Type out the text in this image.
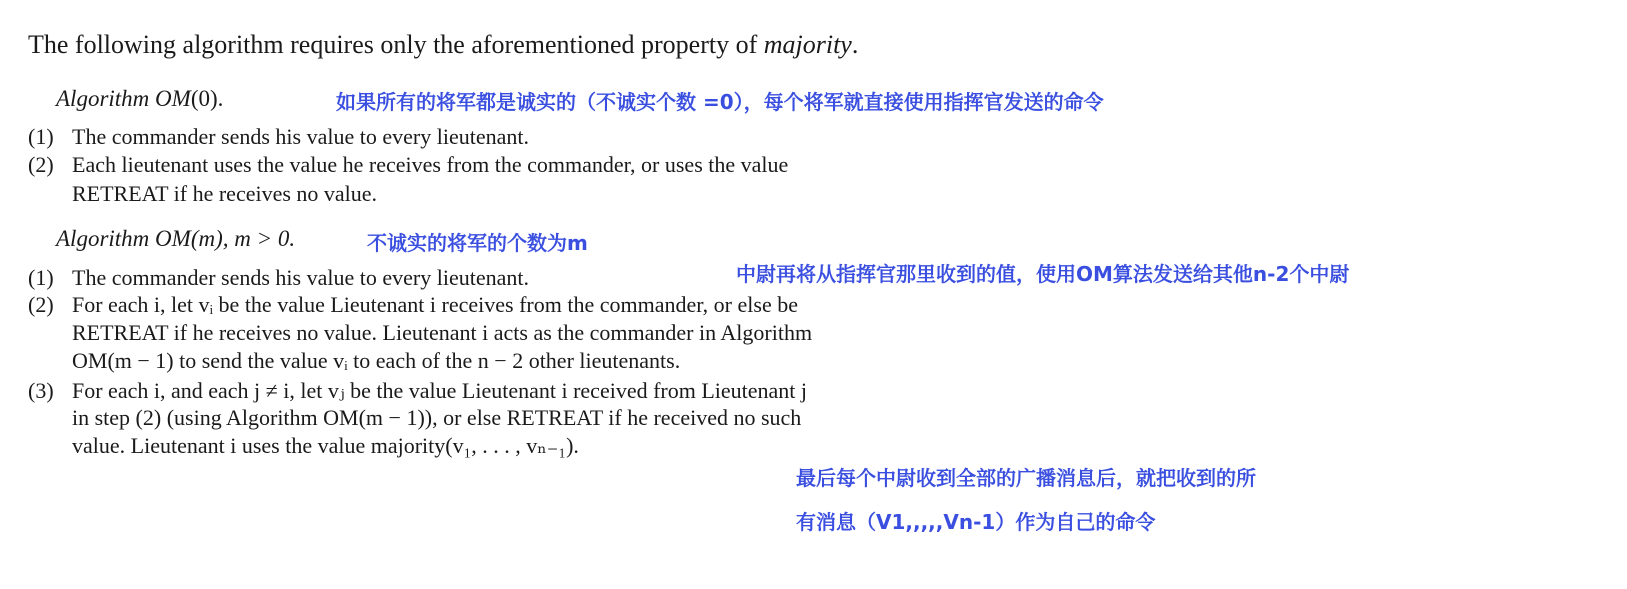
The following algorithm requires only the aforementioned property of majority.
Algorithm OM(0).	如果所有的将军都是诚实的（不诚实个数 =0），每个将军就直接使用指挥官发送的命令
(1) The commander sends his value to every lieutenant.
(2) Each lieutenant uses the value he receives from the commander, or uses the value
RETREAT if he receives no value.
Algorithm OM(m), m > 0.	不诚实的将军的个数为m
(1) The commander sends his value to every lieutenant.	中尉再将从指挥官那里收到的值，使用OM算法发送给其他n-2个中尉
(2) For each i, let vᵢ be the value Lieutenant i receives from the commander, or else be
RETREAT if he receives no value. Lieutenant i acts as the commander in Algorithm
OM(m − 1) to send the value vᵢ to each of the n − 2 other lieutenants.
(3) For each i, and each j ≠ i, let vⱼ be the value Lieutenant i received from Lieutenant j
in step (2) (using Algorithm OM(m − 1)), or else RETREAT if he received no such
value. Lieutenant i uses the value majority(v₁, . . . , vₙ₋₁).
最后每个中尉收到全部的广播消息后，就把收到的所
有消息（V1,,,,,Vn-1）作为自己的命令
